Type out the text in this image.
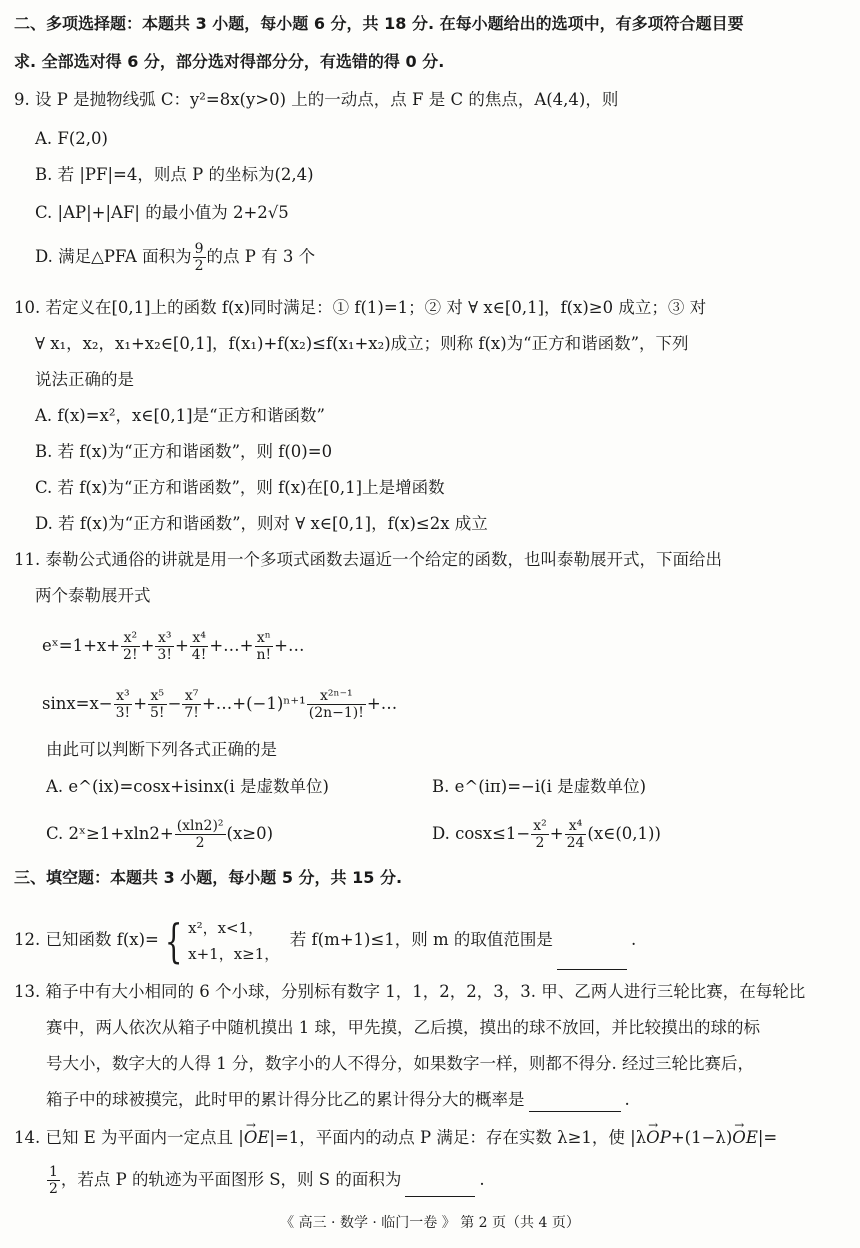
二、多项选择题：本题共 3 小题，每小题 6 分，共 18 分. 在每小题给出的选项中，有多项符合题目要
求. 全部选对得 6 分，部分选对得部分分，有选错的得 0 分.
9. 设 P 是抛物线弧 C：y²=8x(y>0) 上的一动点，点 F 是 C 的焦点，A(4,4)，则
A. F(2,0)
B. 若 |PF|=4，则点 P 的坐标为(2,4)
C. |AP|+|AF| 的最小值为 2+2√5
D. 满足△PFA 面积为 $\frac{9}{2}$ 的点 P 有 3 个
10. 若定义在[0,1]上的函数 f(x)同时满足：① f(1)=1；② 对 ∀ x∈[0,1]，f(x)≥0 成立；③ 对
∀ x₁，x₂，x₁+x₂∈[0,1]，f(x₁)+f(x₂)≤f(x₁+x₂)成立；则称 f(x)为“正方和谐函数”，下列
说法正确的是
A. f(x)=x²，x∈[0,1]是“正方和谐函数”
B. 若 f(x)为“正方和谐函数”，则 f(0)=0
C. 若 f(x)为“正方和谐函数”，则 f(x)在[0,1]上是增函数
D. 若 f(x)为“正方和谐函数”，则对 ∀ x∈[0,1]，f(x)≤2x 成立
11. 泰勒公式通俗的讲就是用一个多项式函数去逼近一个给定的函数，也叫泰勒展开式，下面给出
两个泰勒展开式
eˣ=1+x+ $\frac{\text{x²}}{2!} + \frac{\text{x³}}{3!} + \frac{\text{x⁴}}{4!}$ +…+ $\frac{\text{xⁿ}}{n!}$ +…
$\sin x=x- \frac{\text{x³}}{3!} + \frac{\text{x⁵}}{5!} - \frac{\text{x⁷}}{7!}$ +…+(−1)ⁿ⁺¹ $\frac{\text{x²ⁿ⁻¹}}{(2n-1)!}$ +…
由此可以判断下列各式正确的是
A. e^(ix)=cosx+isinx(i 是虚数单位)	B. e^(iπ)=−i(i 是虚数单位)
C. 2ˣ≥1+xln2+ $\frac{\text{(xln2)²}}{2} (x\ge 0)$	D. $\cos x\le 1- \frac{\text{x²}}{2} + \frac{\text{x⁴}}{24}$ (x∈(0,1))
三、填空题：本题共 3 小题，每小题 5 分，共 15 分.
12. 已知函数 f(x)= { x²，x<1，
x+1，x≥1，
若 f(m+1)≤1，则 m 的取值范围是	.
13. 箱子中有大小相同的 6 个小球，分别标有数字 1，1，2，2，3，3. 甲、乙两人进行三轮比赛，在每轮比
赛中，两人依次从箱子中随机摸出 1 球，甲先摸，乙后摸，摸出的球不放回，并比较摸出的球的标
号大小，数字大的人得 1 分，数字小的人不得分，如果数字一样，则都不得分. 经过三轮比赛后，
箱子中的球被摸完，此时甲的累计得分比乙的累计得分大的概率是	.
14. 已知 E 为平面内一定点且 |→ OE|=1，平面内的动点 P 满足：存在实数 λ≥1，使 |λ→ OP+(1−λ)→ OE|=
$\frac{1}{2}$ ，若点 P 的轨迹为平面图形 S，则 S 的面积为	.
《 高三 · 数学 · 临门一卷 》 第 2 页（共 4 页）
